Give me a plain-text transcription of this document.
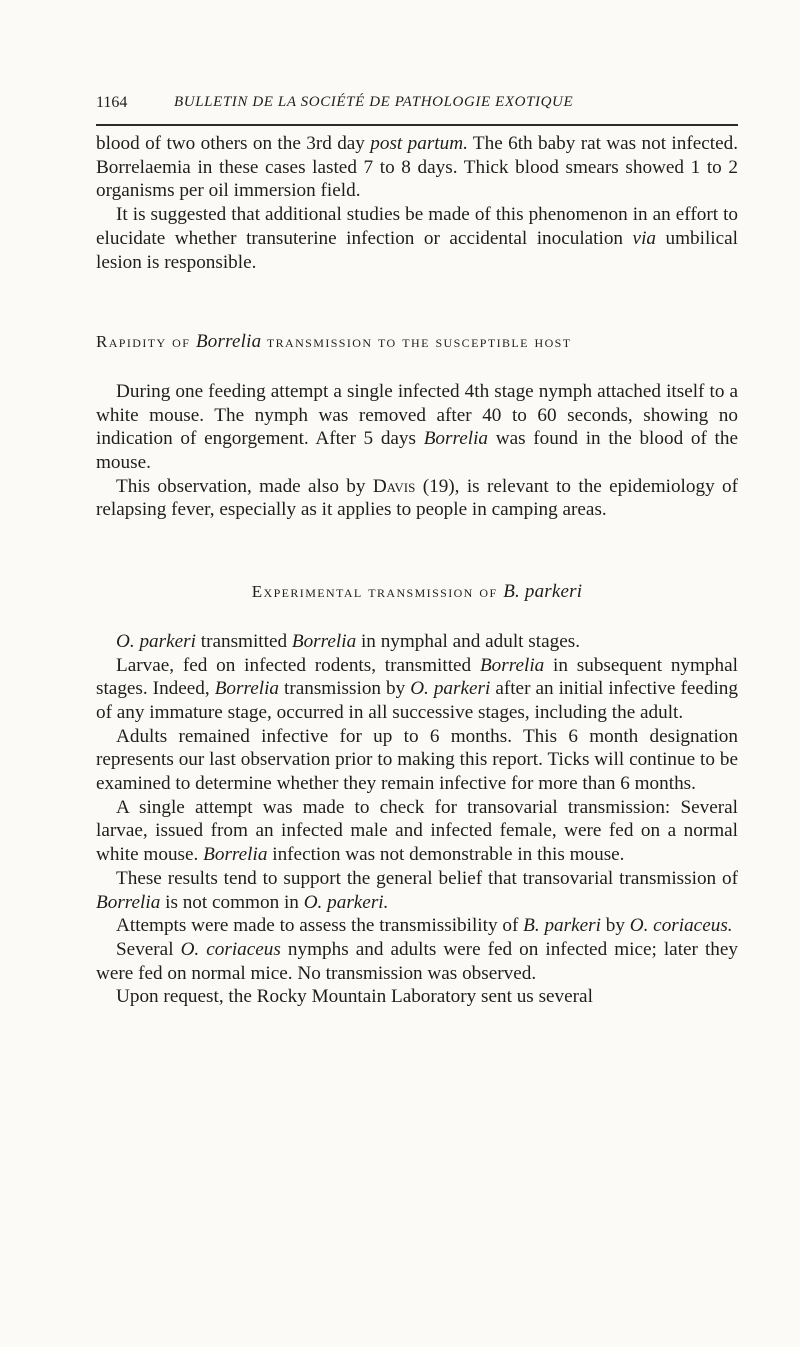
1164	BULLETIN DE LA SOCIÉTÉ DE PATHOLOGIE EXOTIQUE

blood of two others on the 3rd day post partum. The 6th baby rat was not infected. Borrelaemia in these cases lasted 7 to 8 days. Thick blood smears showed 1 to 2 organisms per oil immersion field.

It is suggested that additional studies be made of this phenomenon in an effort to elucidate whether transuterine infection or accidental inoculation via umbilical lesion is responsible.

Rapidity of Borrelia transmission to the susceptible host

During one feeding attempt a single infected 4th stage nymph attached itself to a white mouse. The nymph was removed after 40 to 60 seconds, showing no indication of engorgement. After 5 days Borrelia was found in the blood of the mouse.

This observation, made also by Davis (19), is relevant to the epidemiology of relapsing fever, especially as it applies to people in camping areas.

Experimental transmission of B. parkeri

O. parkeri transmitted Borrelia in nymphal and adult stages.

Larvae, fed on infected rodents, transmitted Borrelia in subsequent nymphal stages. Indeed, Borrelia transmission by O. parkeri after an initial infective feeding of any immature stage, occurred in all successive stages, including the adult.

Adults remained infective for up to 6 months. This 6 month designation represents our last observation prior to making this report. Ticks will continue to be examined to determine whether they remain infective for more than 6 months.

A single attempt was made to check for transovarial transmission: Several larvae, issued from an infected male and infected female, were fed on a normal white mouse. Borrelia infection was not demonstrable in this mouse.

These results tend to support the general belief that transovarial transmission of Borrelia is not common in O. parkeri.

Attempts were made to assess the transmissibility of B. parkeri by O. coriaceus.

Several O. coriaceus nymphs and adults were fed on infected mice; later they were fed on normal mice. No transmission was observed.

Upon request, the Rocky Mountain Laboratory sent us several
